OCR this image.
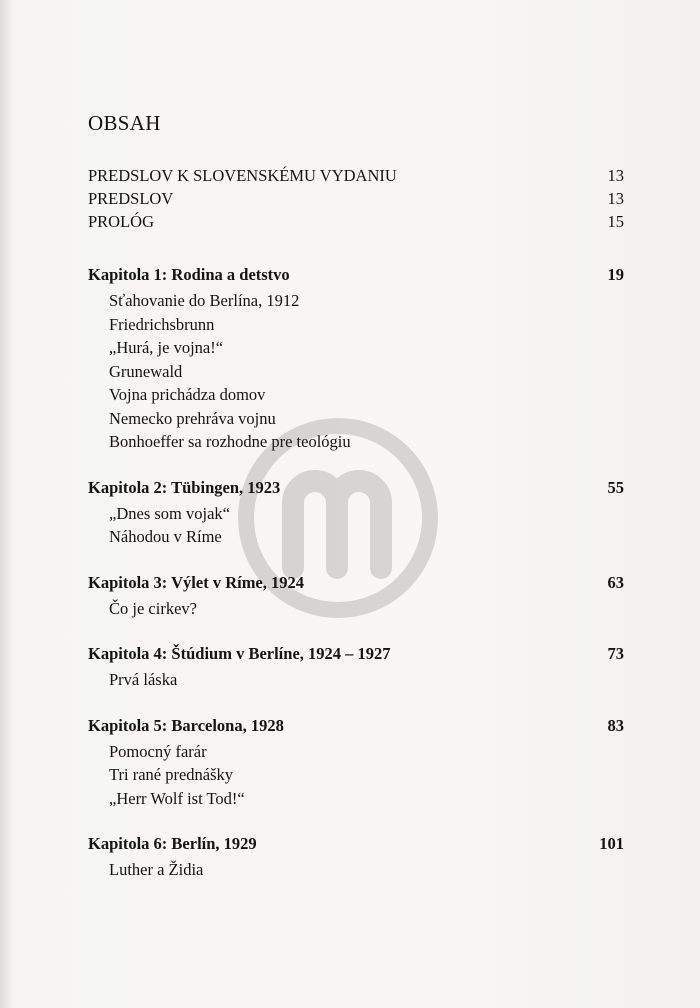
OBSAH
PREDSLOV K SLOVENSKÉMU VYDANIU	13
PREDSLOV	13
PROLÓG	15
Kapitola 1: Rodina a detstvo	19
Sťahovanie do Berlína, 1912
Friedrichsbrunn
„Hurá, je vojna!“
Grunewald
Vojna prichádza domov
Nemecko prehráva vojnu
Bonhoeffer sa rozhodne pre teológiu
Kapitola 2: Tübingen, 1923	55
„Dnes som vojak“
Náhodou v Ríme
Kapitola 3: Výlet v Ríme, 1924	63
Čo je cirkev?
Kapitola 4: Štúdium v Berlíne, 1924 – 1927	73
Prvá láska
Kapitola 5: Barcelona, 1928	83
Pomocný farár
Tri rané prednášky
„Herr Wolf ist Tod!“
Kapitola 6: Berlín, 1929	101
Luther a Židia
